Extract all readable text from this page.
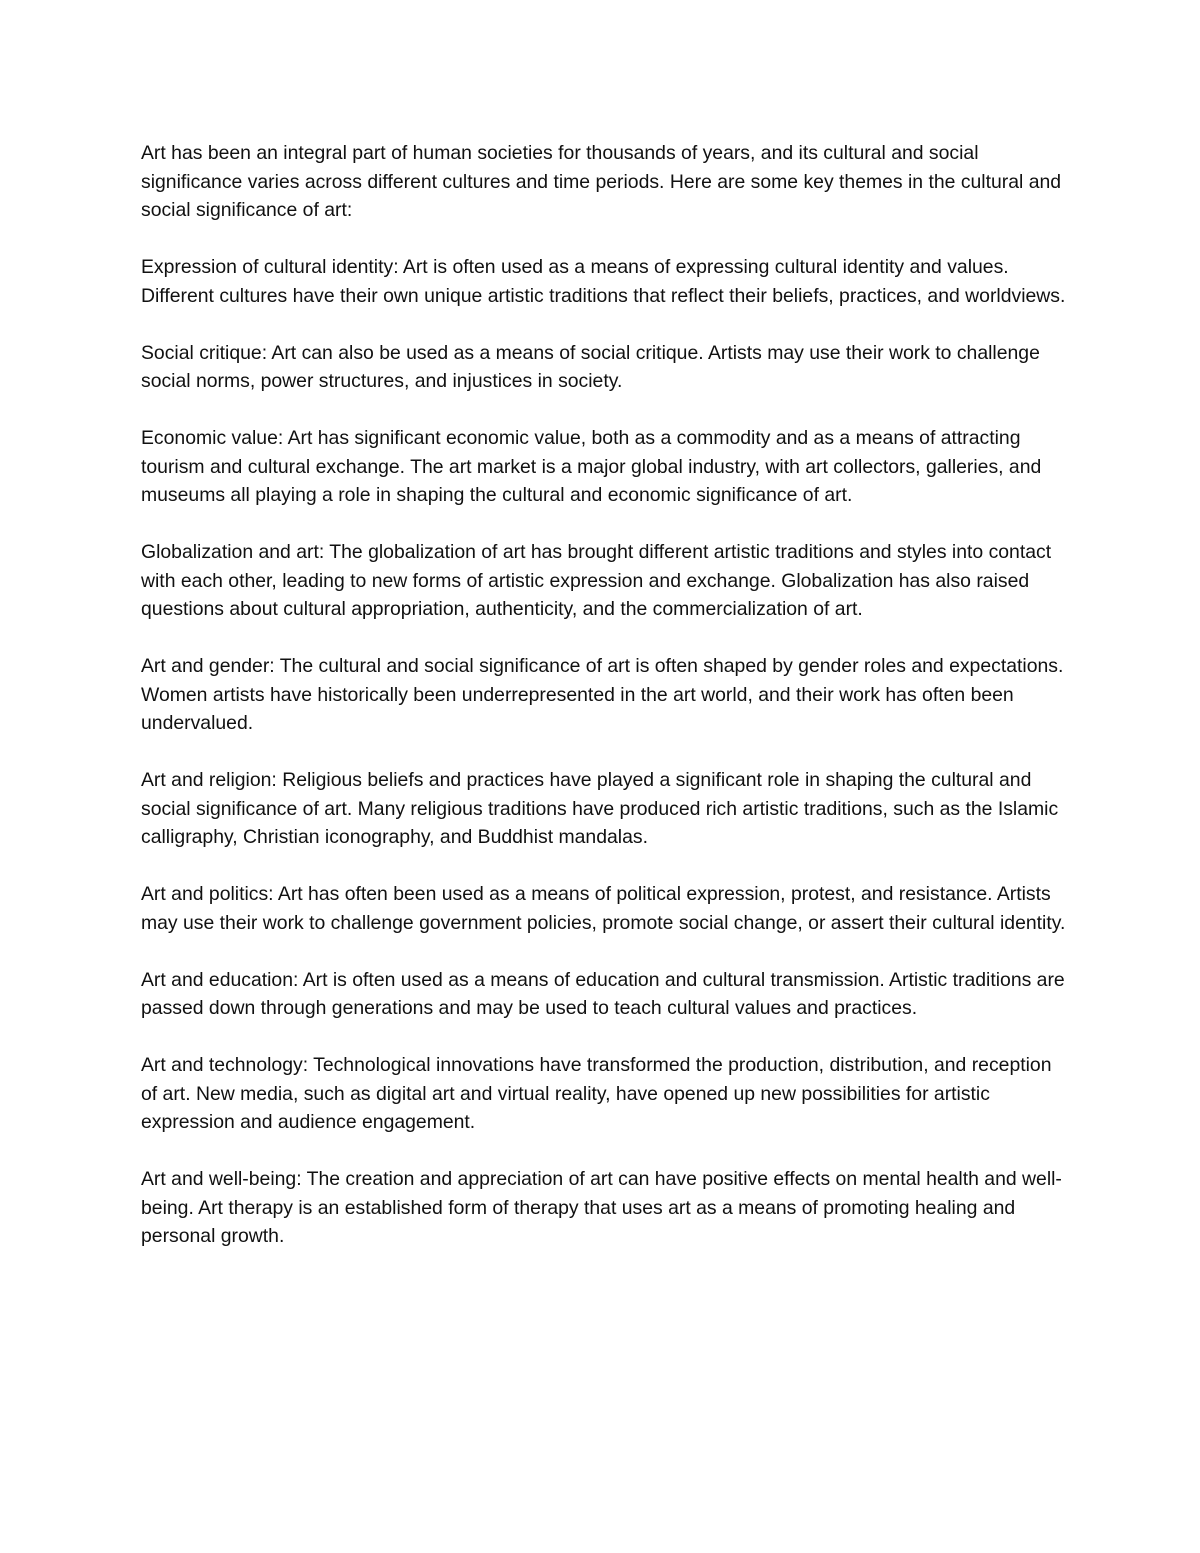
Art has been an integral part of human societies for thousands of years, and its cultural and social significance varies across different cultures and time periods. Here are some key themes in the cultural and social significance of art:

Expression of cultural identity: Art is often used as a means of expressing cultural identity and values. Different cultures have their own unique artistic traditions that reflect their beliefs, practices, and worldviews.

Social critique: Art can also be used as a means of social critique. Artists may use their work to challenge social norms, power structures, and injustices in society.

Economic value: Art has significant economic value, both as a commodity and as a means of attracting tourism and cultural exchange. The art market is a major global industry, with art collectors, galleries, and museums all playing a role in shaping the cultural and economic significance of art.

Globalization and art: The globalization of art has brought different artistic traditions and styles into contact with each other, leading to new forms of artistic expression and exchange. Globalization has also raised questions about cultural appropriation, authenticity, and the commercialization of art.

Art and gender: The cultural and social significance of art is often shaped by gender roles and expectations. Women artists have historically been underrepresented in the art world, and their work has often been undervalued.

Art and religion: Religious beliefs and practices have played a significant role in shaping the cultural and social significance of art. Many religious traditions have produced rich artistic traditions, such as the Islamic calligraphy, Christian iconography, and Buddhist mandalas.

Art and politics: Art has often been used as a means of political expression, protest, and resistance. Artists may use their work to challenge government policies, promote social change, or assert their cultural identity.

Art and education: Art is often used as a means of education and cultural transmission. Artistic traditions are passed down through generations and may be used to teach cultural values and practices.

Art and technology: Technological innovations have transformed the production, distribution, and reception of art. New media, such as digital art and virtual reality, have opened up new possibilities for artistic expression and audience engagement.

Art and well-being: The creation and appreciation of art can have positive effects on mental health and well-being. Art therapy is an established form of therapy that uses art as a means of promoting healing and personal growth.
